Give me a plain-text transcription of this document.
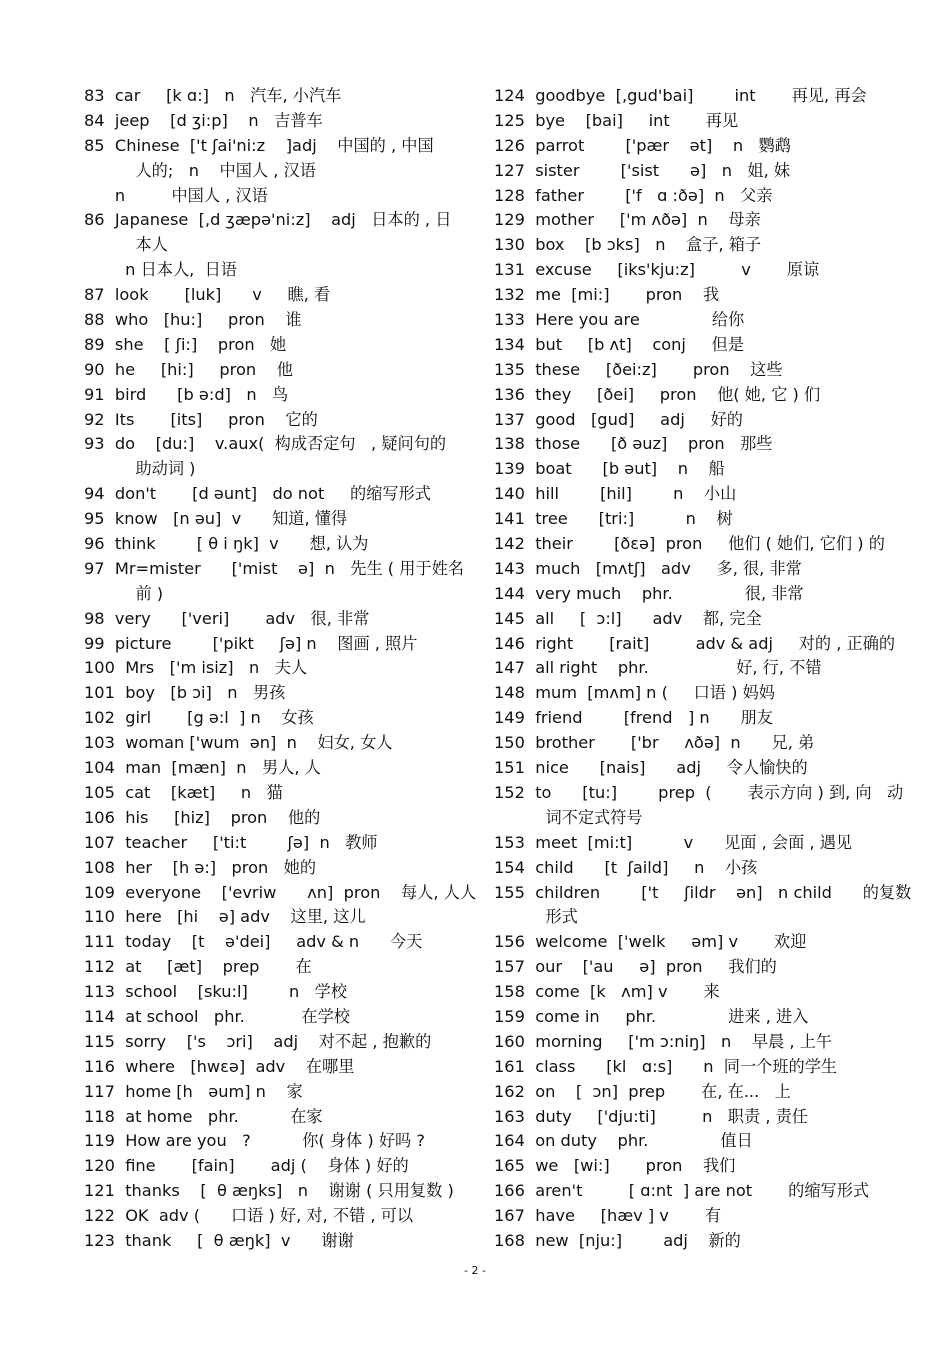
83  car     [k ɑ:]   n   汽车, 小汽车
84  jeep    [d ʒi:p]    n   吉普车
85  Chinese  ['t ʃai'ni:z    ]adj    中国的 , 中国
人的;   n    中国人 , 汉语
n         中国人 , 汉语
86  Japanese  [,d ʒæpə'ni:z]    adj   日本的 , 日
本人
n 日本人,  日语
87  look       [luk]      v     瞧, 看
88  who   [hu:]     pron    谁
89  she    [ ʃi:]    pron   她
90  he     [hi:]     pron    他
91  bird      [b ə:d]   n   鸟
92  Its       [its]     pron    它的
93  do    [du:]    v.aux(  构成否定句   , 疑问句的
助动词 )
94  don't       [d əunt]   do not     的缩写形式
95  know   [n əu]  v      知道, 懂得
96  think        [ θ i ŋk]  v      想, 认为
97  Mr=mister      ['mist    ə]  n   先生 ( 用于姓名
前 )
98  very      ['veri]       adv   很, 非常
99  picture        ['pikt     ʃə] n    图画 , 照片
100  Mrs   ['m isiz]   n   夫人
101  boy   [b ɔi]   n   男孩
102  girl       [g ə:l  ] n    女孩
103  woman ['wum  ən]  n    妇女, 女人
104  man  [mæn]  n   男人, 人
105  cat    [kæt]     n   猫
106  his     [hiz]    pron    他的
107  teacher     ['ti:t        ʃə]  n   教师
108  her    [h ə:]   pron   她的
109  everyone    ['evriw      ʌn]  pron    每人, 人人
110  here   [hi    ə] adv    这里, 这儿
111  today    [t    ə'dei]     adv & n      今天
112  at     [æt]    prep       在
113  school    [sku:l]        n   学校
114  at school   phr.           在学校
115  sorry    ['s    ɔri]    adj    对不起 , 抱歉的
116  where   [hwɛə]  adv    在哪里
117  home [h   əum] n    家
118  at home   phr.          在家
119  How are you   ?          你( 身体 ) 好吗 ?
120  fine       [fain]       adj (    身体 ) 好的
121  thanks    [  θ æŋks]   n    谢谢 ( 只用复数 )
122  OK  adv (      口语 ) 好, 对, 不错 , 可以
123  thank     [  θ æŋk]  v      谢谢
124  goodbye  [,gud'bai]        int       再见, 再会
125  bye    [bai]     int       再见
126  parrot        ['pær    ət]    n   鹦鹉
127  sister        ['sist      ə]   n   姐, 妹
128  father        ['f   ɑ :ðə]  n   父亲
129  mother     ['m ʌðə]  n    母亲
130  box    [b ɔks]   n    盒子, 箱子
131  excuse     [iks'kju:z]         v       原谅
132  me  [mi:]       pron    我
133  Here you are              给你
134  but     [b ʌt]    conj     但是
135  these     [ðei:z]       pron    这些
136  they     [ðei]     pron    他( 她, 它 ) 们
137  good   [gud]     adj     好的
138  those      [ð əuz]    pron   那些
139  boat      [b əut]    n    船
140  hill        [hil]        n    小山
141  tree      [tri:]          n    树
142  their        [ðɛə]  pron     他们 ( 她们, 它们 ) 的
143  much   [mʌtʃ]   adv     多, 很, 非常
144  very much    phr.              很, 非常
145  all     [  ɔ:l]      adv    都, 完全
146  right       [rait]         adv & adj     对的 , 正确的
147  all right    phr.                 好, 行, 不错
148  mum  [mʌm] n (     口语 ) 妈妈
149  friend        [frend   ] n      朋友
150  brother       ['br     ʌðə]  n      兄, 弟
151  nice      [nais]      adj     令人愉快的
152  to      [tu:]        prep  (       表示方向 ) 到, 向   动
词不定式符号
153  meet  [mi:t]          v      见面 , 会面 , 遇见
154  child      [t  ʃaild]     n    小孩
155  children        ['t     ʃildr    ən]   n child      的复数
形式
156  welcome  ['welk     əm] v       欢迎
157  our    ['au     ə]  pron     我们的
158  come  [k   ʌm] v       来
159  come in     phr.              进来 , 进入
160  morning     ['m ɔ:niŋ]   n    早晨 , 上午
161  class      [kl   ɑ:s]      n  同一个班的学生
162  on    [  ɔn]  prep       在, 在...   上
163  duty     ['dju:ti]         n   职责 , 责任
164  on duty    phr.              值日
165  we   [wi:]       pron    我们
166  aren't         [ ɑ:nt  ] are not       的缩写形式
167  have     [hæv ] v       有
168  new  [nju:]        adj    新的
- 2 -
